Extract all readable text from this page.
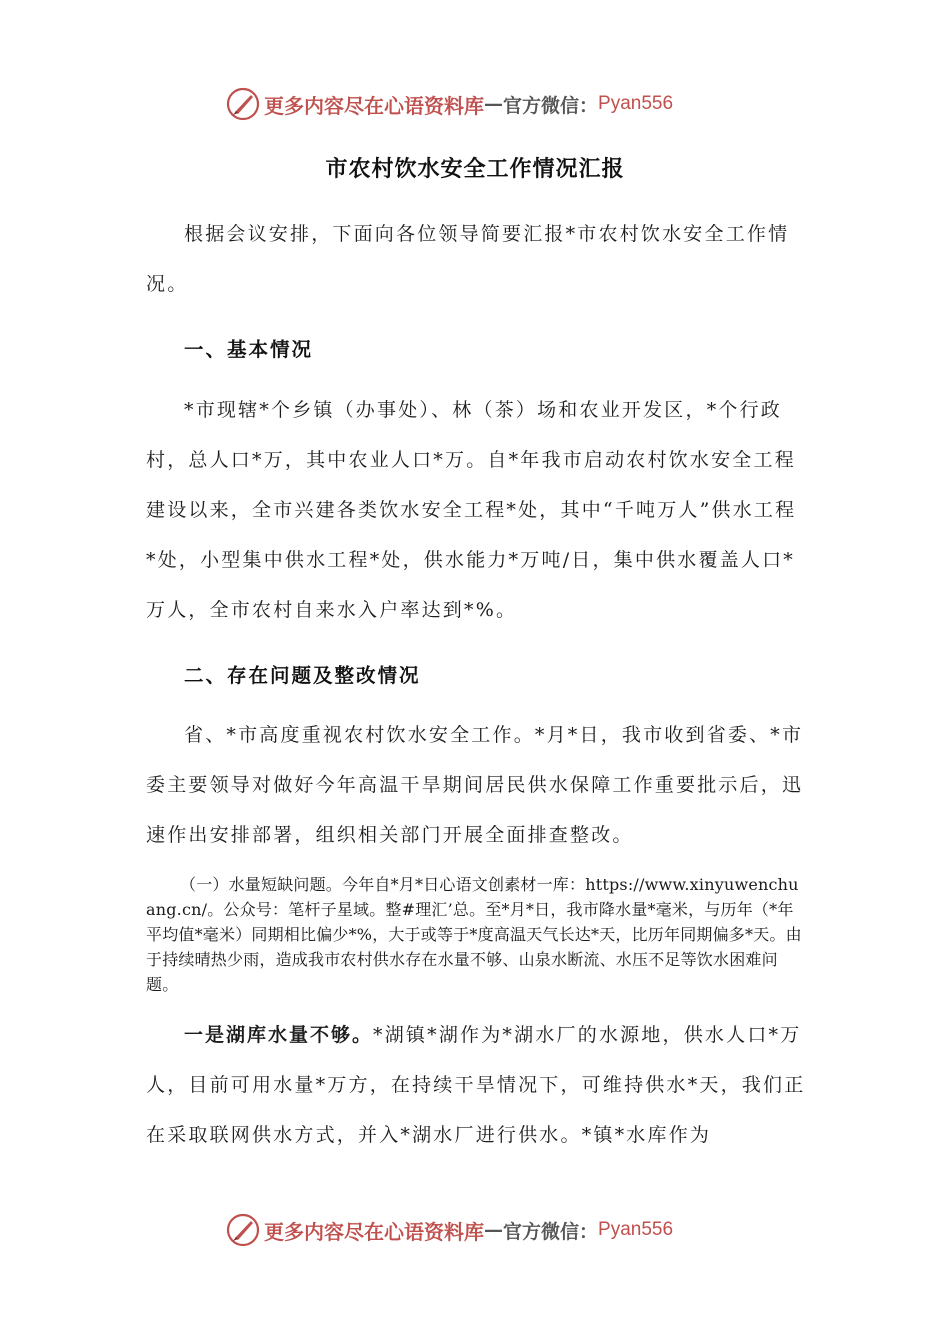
更多内容尽在心语资料库 — 官方微信： Pyan556
市农村饮水安全工作情况汇报

根据会议安排，下面向各位领导简要汇报*市农村饮水安全工作情况。

一、基本情况

*市现辖*个乡镇（办事处）、林（茶）场和农业开发区，*个行政村，总人口*万，其中农业人口*万。自*年我市启动农村饮水安全工程建设以来，全市兴建各类饮水安全工程*处，其中“千吨万人”供水工程*处，小型集中供水工程*处，供水能力*万吨/日，集中供水覆盖人口*万人，全市农村自来水入户率达到*%。

二、存在问题及整改情况

省、*市高度重视农村饮水安全工作。*月*日，我市收到省委、*市委主要领导对做好今年高温干旱期间居民供水保障工作重要批示后，迅速作出安排部署，组织相关部门开展全面排查整改。

（一）水量短缺问题。今年自*月*日心语文创素材一库：https://www.xinyuwenchuang.cn/。公众号：笔杆子星域。整#理汇’总。至*月*日，我市降水量*毫米，与历年（*年平均值*毫米）同期相比偏少*%，大于或等于*度高温天气长达*天，比历年同期偏多*天。由于持续晴热少雨，造成我市农村供水存在水量不够、山泉水断流、水压不足等饮水困难问题。

一是湖库水量不够。*湖镇*湖作为*湖水厂的水源地，供水人口*万人，目前可用水量*万方，在持续干旱情况下，可维持供水*天，我们正在采取联网供水方式，并入*湖水厂进行供水。*镇*水库作为

更多内容尽在心语资料库 — 官方微信： Pyan556
